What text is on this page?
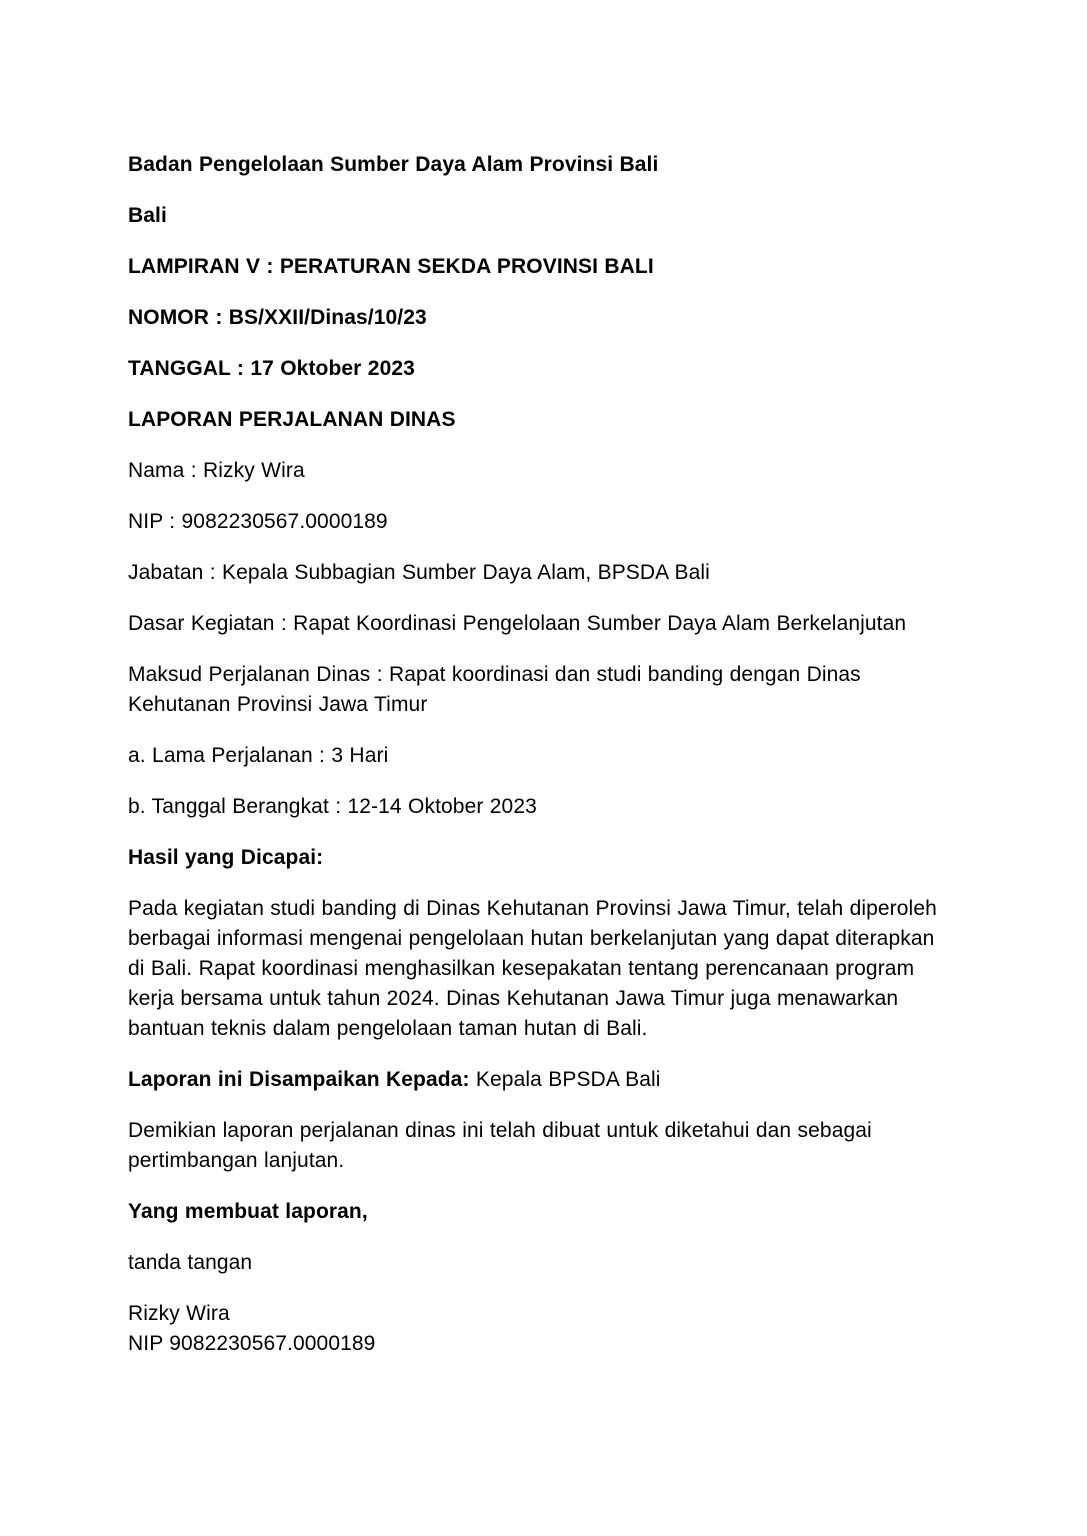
Badan Pengelolaan Sumber Daya Alam Provinsi Bali

Bali

LAMPIRAN V : PERATURAN SEKDA PROVINSI BALI

NOMOR : BS/XXII/Dinas/10/23

TANGGAL : 17 Oktober 2023

LAPORAN PERJALANAN DINAS

Nama : Rizky Wira

NIP : 9082230567.0000189

Jabatan : Kepala Subbagian Sumber Daya Alam, BPSDA Bali

Dasar Kegiatan : Rapat Koordinasi Pengelolaan Sumber Daya Alam Berkelanjutan

Maksud Perjalanan Dinas : Rapat koordinasi dan studi banding dengan Dinas Kehutanan Provinsi Jawa Timur

a. Lama Perjalanan : 3 Hari

b. Tanggal Berangkat : 12-14 Oktober 2023

Hasil yang Dicapai:

Pada kegiatan studi banding di Dinas Kehutanan Provinsi Jawa Timur, telah diperoleh berbagai informasi mengenai pengelolaan hutan berkelanjutan yang dapat diterapkan di Bali. Rapat koordinasi menghasilkan kesepakatan tentang perencanaan program kerja bersama untuk tahun 2024. Dinas Kehutanan Jawa Timur juga menawarkan bantuan teknis dalam pengelolaan taman hutan di Bali.

Laporan ini Disampaikan Kepada: Kepala BPSDA Bali

Demikian laporan perjalanan dinas ini telah dibuat untuk diketahui dan sebagai pertimbangan lanjutan.

Yang membuat laporan,

tanda tangan

Rizky Wira
NIP 9082230567.0000189
